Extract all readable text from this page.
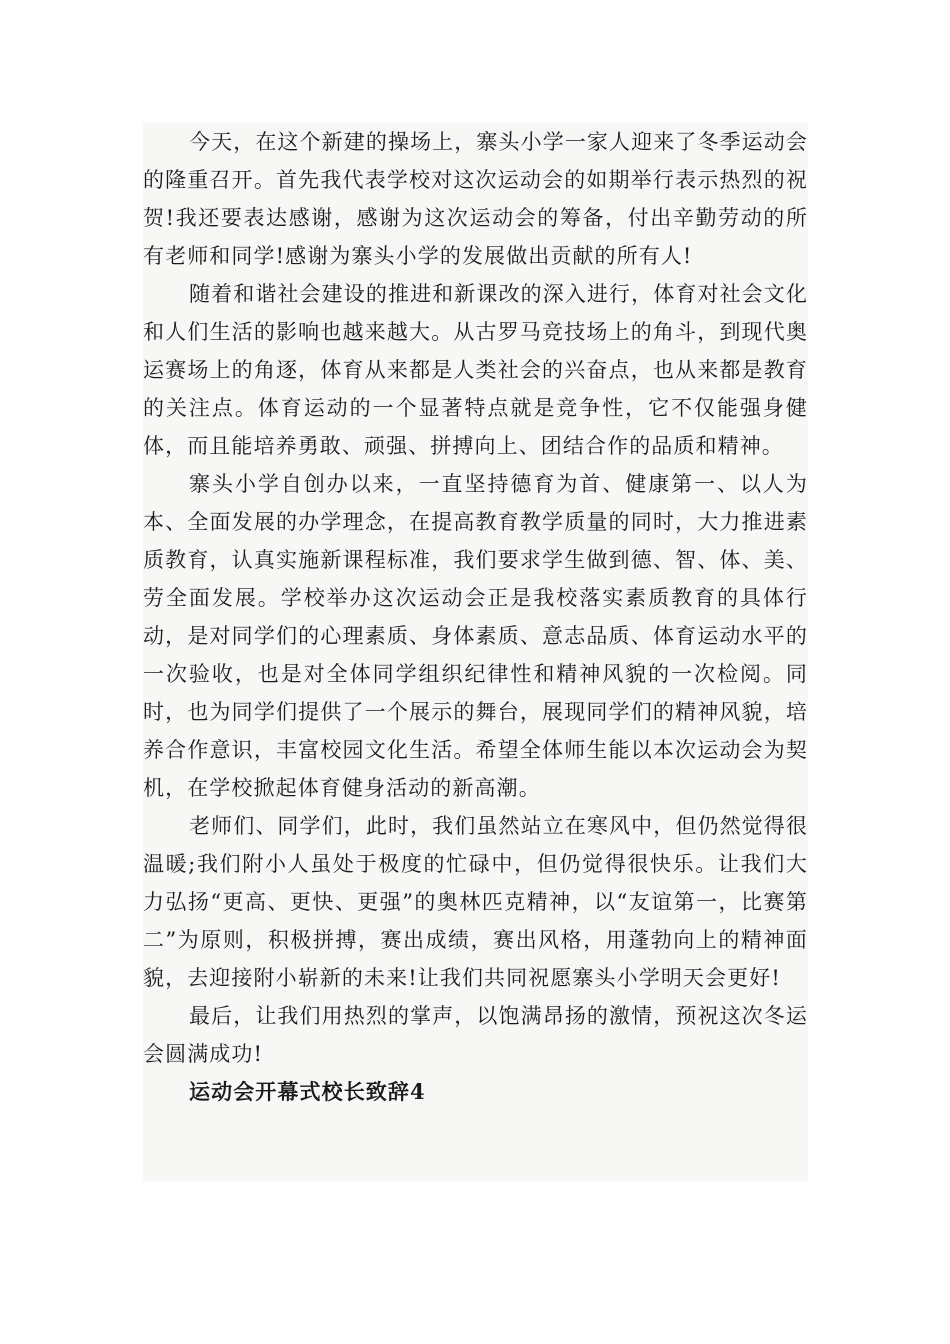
今天，在这个新建的操场上，寨头小学一家人迎来了冬季运动会的隆重召开。首先我代表学校对这次运动会的如期举行表示热烈的祝贺!我还要表达感谢，感谢为这次运动会的筹备，付出辛勤劳动的所有老师和同学!感谢为寨头小学的发展做出贡献的所有人!

随着和谐社会建设的推进和新课改的深入进行，体育对社会文化和人们生活的影响也越来越大。从古罗马竞技场上的角斗，到现代奥运赛场上的角逐，体育从来都是人类社会的兴奋点，也从来都是教育的关注点。体育运动的一个显著特点就是竞争性，它不仅能强身健体，而且能培养勇敢、顽强、拼搏向上、团结合作的品质和精神。

寨头小学自创办以来，一直坚持德育为首、健康第一、以人为本、全面发展的办学理念，在提高教育教学质量的同时，大力推进素质教育，认真实施新课程标准，我们要求学生做到德、智、体、美、劳全面发展。学校举办这次运动会正是我校落实素质教育的具体行动，是对同学们的心理素质、身体素质、意志品质、体育运动水平的一次验收，也是对全体同学组织纪律性和精神风貌的一次检阅。同时，也为同学们提供了一个展示的舞台，展现同学们的精神风貌，培养合作意识，丰富校园文化生活。希望全体师生能以本次运动会为契机，在学校掀起体育健身活动的新高潮。

老师们、同学们，此时，我们虽然站立在寒风中，但仍然觉得很温暖;我们附小人虽处于极度的忙碌中，但仍觉得很快乐。让我们大力弘扬“更高、更快、更强”的奥林匹克精神，以“友谊第一，比赛第二”为原则，积极拼搏，赛出成绩，赛出风格，用蓬勃向上的精神面貌，去迎接附小崭新的未来!让我们共同祝愿寨头小学明天会更好!

最后，让我们用热烈的掌声，以饱满昂扬的激情，预祝这次冬运会圆满成功!

运动会开幕式校长致辞4
